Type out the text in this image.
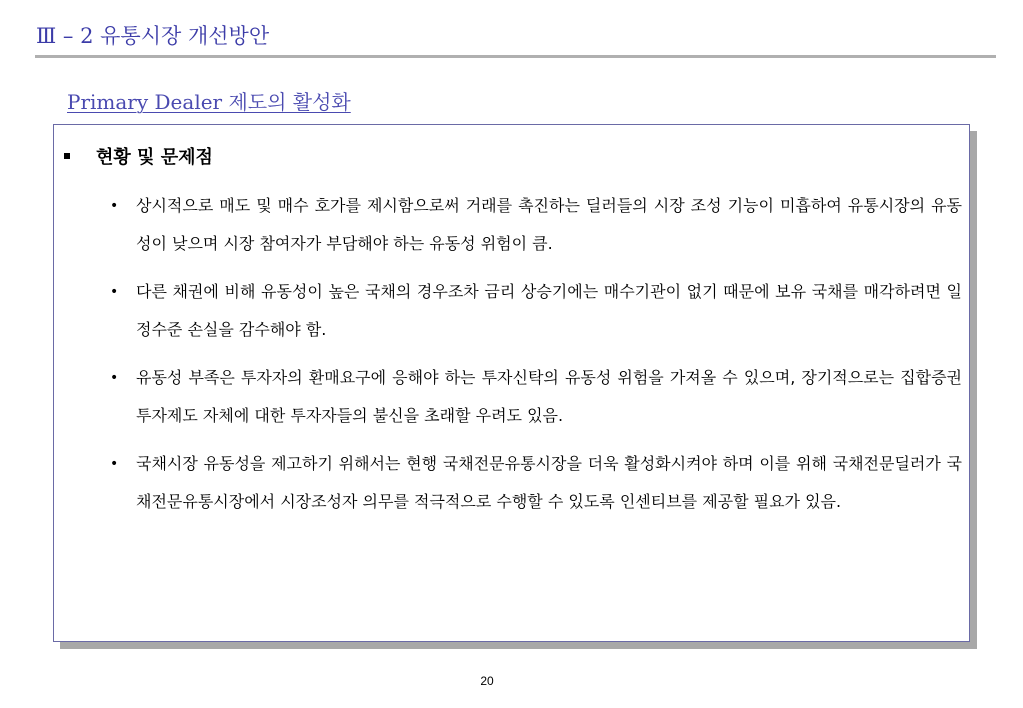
Ⅲ – 2 유통시장 개선방안
Primary Dealer 제도의 활성화
현황 및 문제점
• 상시적으로 매도 및 매수 호가를 제시함으로써 거래를 촉진하는 딜러들의 시장 조성 기능이 미흡하여 유통시장의 유동성이 낮으며 시장 참여자가 부담해야 하는 유동성 위험이 큼.
• 다른 채권에 비해 유동성이 높은 국채의 경우조차 금리 상승기에는 매수기관이 없기 때문에 보유 국채를 매각하려면 일정수준 손실을 감수해야 함.
• 유동성 부족은 투자자의 환매요구에 응해야 하는 투자신탁의 유동성 위험을 가져올 수 있으며, 장기적으로는 집합증권투자제도 자체에 대한 투자자들의 불신을 초래할 우려도 있음.
• 국채시장 유동성을 제고하기 위해서는 현행 국채전문유통시장을 더욱 활성화시켜야 하며 이를 위해 국채전문딜러가 국채전문유통시장에서 시장조성자 의무를 적극적으로 수행할 수 있도록 인센티브를 제공할 필요가 있음.
20
